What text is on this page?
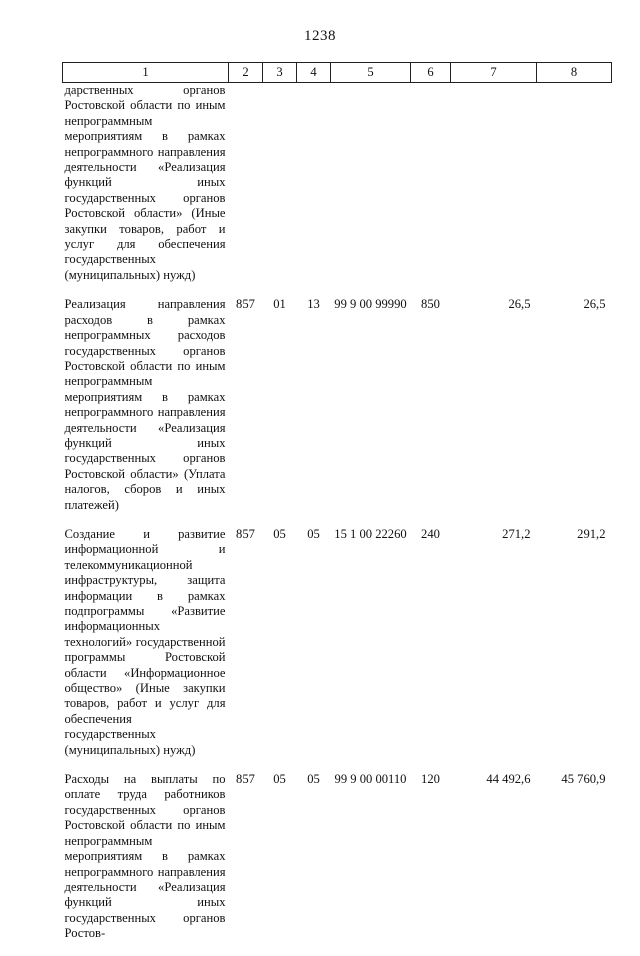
1238
1	2	3	4	5	6	7	8
дарственных органов Ростовской области по иным непрограммным мероприятиям в рамках непрограммного направления деятельности «Реализация функций иных государственных органов Ростовской области» (Иные закупки товаров, работ и услуг для обеспечения государственных (муниципальных) нужд)							
Реализация направления расходов в рамках непрограммных расходов государственных органов Ростовской области по иным непрограммным мероприятиям в рамках непрограммного направления деятельности «Реализация функций иных государственных органов Ростовской области» (Уплата налогов, сборов и иных платежей)	857	01	13	99 9 00 99990	850	26,5	26,5
Создание и развитие информационной и телекоммуникационной инфраструктуры, защита информации в рамках подпрограммы «Развитие информационных технологий» государственной программы Ростовской области «Информационное общество» (Иные закупки товаров, работ и услуг для обеспечения государственных (муниципальных) нужд)	857	05	05	15 1 00 22260	240	271,2	291,2
Расходы на выплаты по оплате труда работников государственных органов Ростовской области по иным непрограммным мероприятиям в рамках непрограммного направления деятельности «Реализация функций иных государственных органов Ростов-	857	05	05	99 9 00 00110	120	44 492,6	45 760,9
